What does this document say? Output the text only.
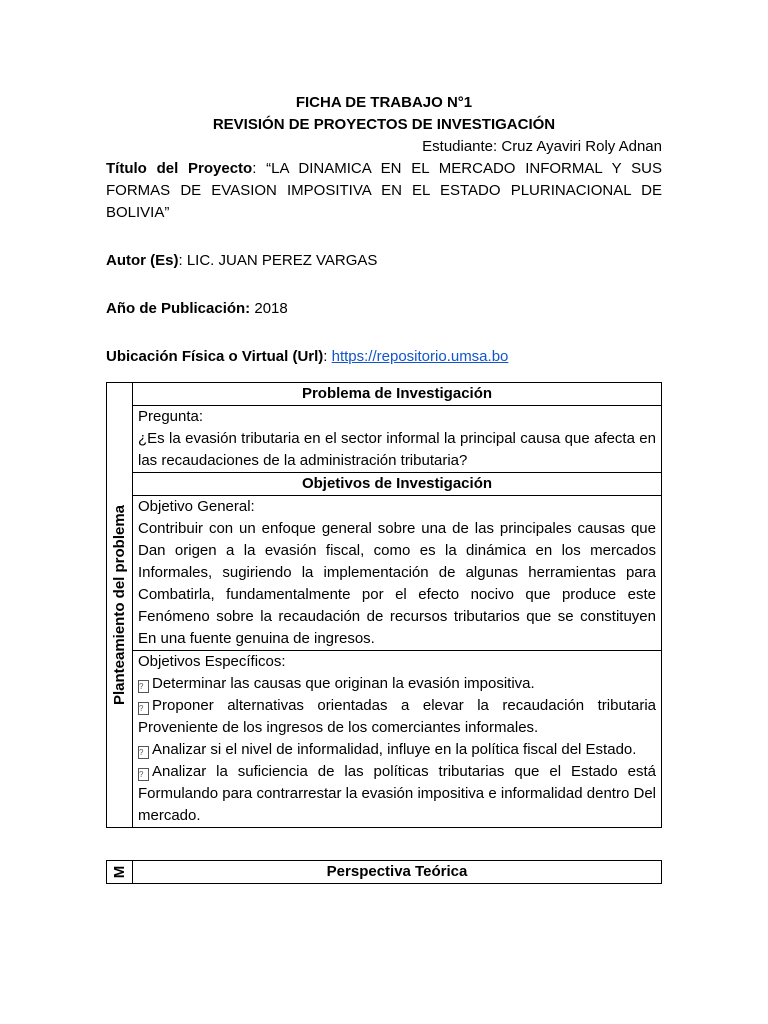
FICHA DE TRABAJO N°1
REVISIÓN DE PROYECTOS DE INVESTIGACIÓN
Estudiante: Cruz Ayaviri Roly Adnan
Título del Proyecto: “LA DINAMICA EN EL MERCADO INFORMAL Y SUS FORMAS DE EVASION IMPOSITIVA EN EL ESTADO PLURINACIONAL DE BOLIVIA”
Autor (Es): LIC. JUAN PEREZ VARGAS
Año de Publicación: 2018
Ubicación Física o Virtual (Url): https://repositorio.umsa.bo
Planteamiento del problema
	Problema de Investigación

Pregunta:
¿Es la evasión tributaria en el sector informal la principal causa que afecta en las recaudaciones de la administración tributaria?

Objetivos de Investigación

Objetivo General:
Contribuir con un enfoque general sobre una de las principales causas que Dan origen a la evasión fiscal, como es la dinámica en los mercados Informales, sugiriendo la implementación de algunas herramientas para Combatirla, fundamentalmente por el efecto nocivo que produce este Fenómeno sobre la recaudación de recursos tributarios que se constituyen En una fuente genuina de ingresos.

Objetivos Específicos:
? Determinar las causas que originan la evasión impositiva.
? Proponer alternativas orientadas a elevar la recaudación tributaria Proveniente de los ingresos de los comerciantes informales.
? Analizar si el nivel de informalidad, influye en la política fiscal del Estado.
? Analizar la suficiencia de las políticas tributarias que el Estado está Formulando para contrarrestar la evasión impositiva e informalidad dentro Del mercado.
M	Perspectiva Teórica
